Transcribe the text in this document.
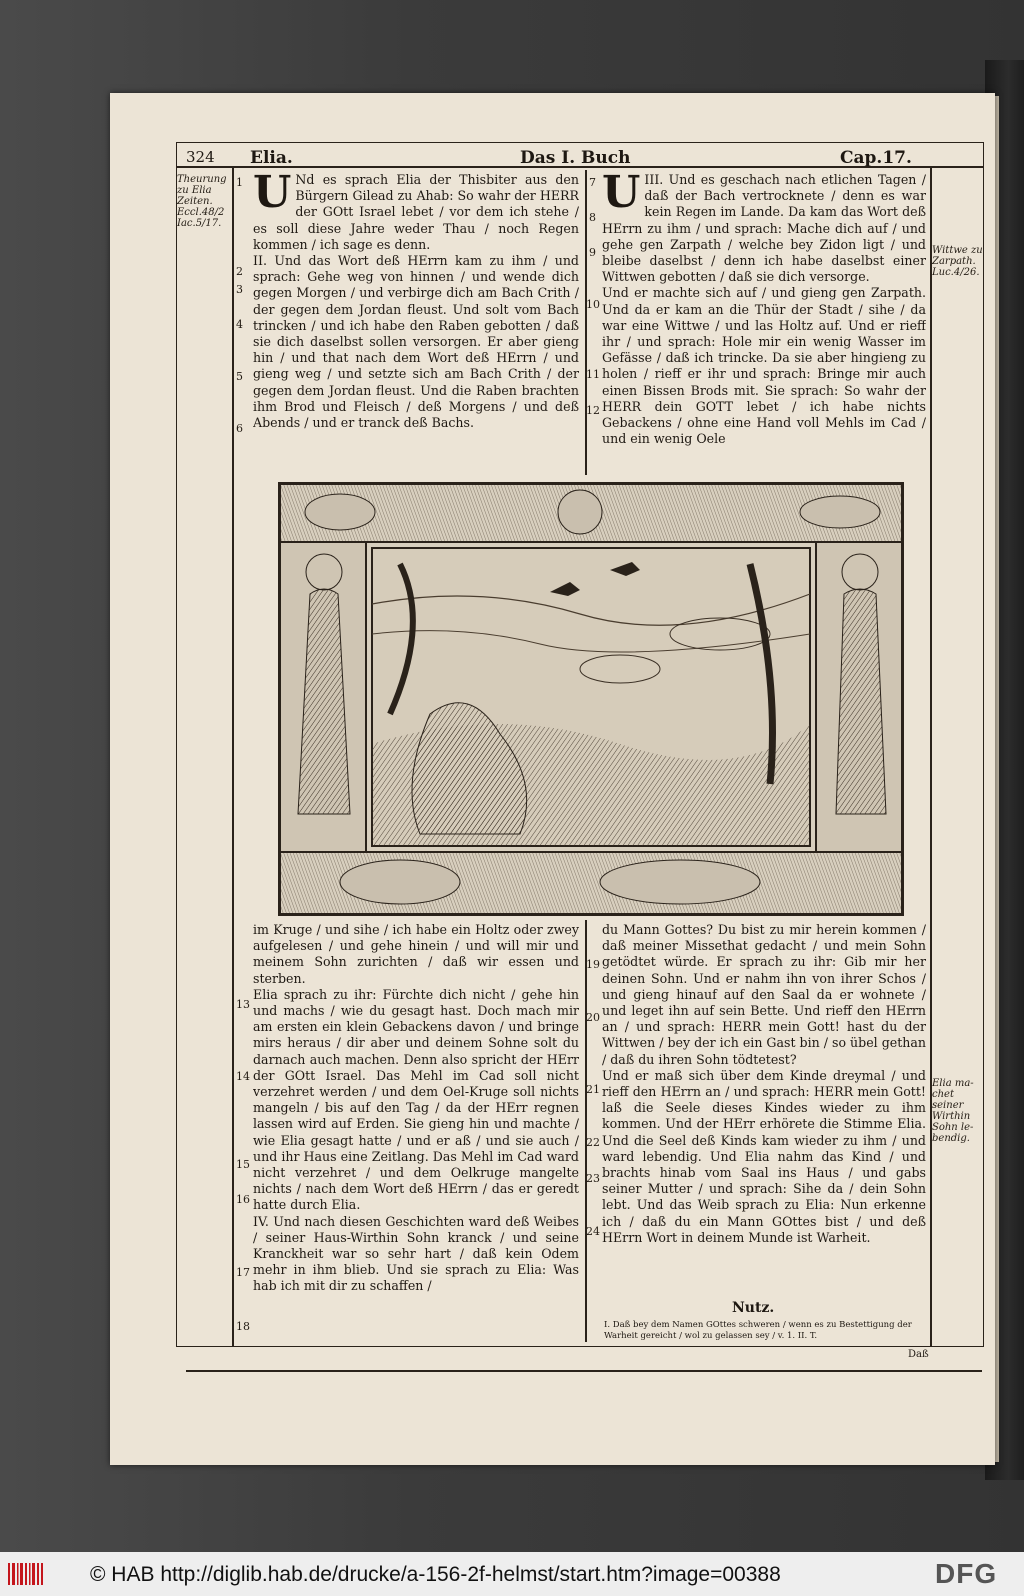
324 Elia.	Das I. Buch	Cap.17.
Theurung
zu Elia
Zeiten.
Eccl.48/2
Iac.5/17.
Wittwe zu
Zarpath.
Luc.4/26.
Elia ma-
chet seiner
Wirthin
Sohn le-
bendig.
1
2
3
4
5
6
7
8
9
10
11
12
13
14
15
16
17
18
19
20
21
22
23
24
U Nd es sprach Elia der Thisbiter aus den Bürgern Gilead zu Ahab: So wahr der HERR der GOtt Israel lebet / vor dem ich stehe / es soll diese Jahre weder Thau / noch Regen kommen / ich sage es denn.

II. Und das Wort deß HErrn kam zu ihm / und sprach: Gehe weg von hinnen / und wende dich gegen Morgen / und verbirge dich am Bach Crith / der gegen dem Jordan fleust. Und solt vom Bach trincken / und ich habe den Raben gebotten / daß sie dich daselbst sollen versorgen. Er aber gieng hin / und that nach dem Wort deß HErrn / und gieng weg / und setzte sich am Bach Crith / der gegen dem Jordan fleust. Und die Raben brachten ihm Brod und Fleisch / deß Morgens / und deß Abends / und er tranck deß Bachs.

U III. Und es geschach nach etlichen Tagen / daß der Bach vertrocknete / denn es war kein Regen im Lande. Da kam das Wort deß HErrn zu ihm / und sprach: Mache dich auf / und gehe gen Zarpath / welche bey Zidon ligt / und bleibe daselbst / denn ich habe daselbst einer Wittwen gebotten / daß sie dich versorge.

Und er machte sich auf / und gieng gen Zarpath. Und da er kam an die Thür der Stadt / sihe / da war eine Wittwe / und las Holtz auf. Und er rieff ihr / und sprach: Hole mir ein wenig Wasser im Gefässe / daß ich trincke. Da sie aber hingieng zu holen / rieff er ihr und sprach: Bringe mir auch einen Bissen Brods mit. Sie sprach: So wahr der HERR dein GOTT lebet / ich habe nichts Gebackens / ohne eine Hand voll Mehls im Cad / und ein wenig Oele

im Kruge / und sihe / ich habe ein Holtz oder zwey aufgelesen / und gehe hinein / und will mir und meinem Sohn zurichten / daß wir essen und sterben.

Elia sprach zu ihr: Fürchte dich nicht / gehe hin und machs / wie du gesagt hast. Doch mach mir am ersten ein klein Gebackens davon / und bringe mirs heraus / dir aber und deinem Sohne solt du darnach auch machen. Denn also spricht der HErr der GOtt Israel. Das Mehl im Cad soll nicht verzehret werden / und dem Oel-Kruge soll nichts mangeln / bis auf den Tag / da der HErr regnen lassen wird auf Erden. Sie gieng hin und machte / wie Elia gesagt hatte / und er aß / und sie auch / und ihr Haus eine Zeitlang. Das Mehl im Cad ward nicht verzehret / und dem Oelkruge mangelte nichts / nach dem Wort deß HErrn / das er geredt hatte durch Elia.

IV. Und nach diesen Geschichten ward deß Weibes / seiner Haus-Wirthin Sohn kranck / und seine Kranckheit war so sehr hart / daß kein Odem mehr in ihm blieb. Und sie sprach zu Elia: Was hab ich mit dir zu schaffen /

du Mann Gottes? Du bist zu mir herein kommen / daß meiner Missethat gedacht / und mein Sohn getödtet würde. Er sprach zu ihr: Gib mir her deinen Sohn. Und er nahm ihn von ihrer Schos / und gieng hinauf auf den Saal da er wohnete / und leget ihn auf sein Bette. Und rieff den HErrn an / und sprach: HERR mein Gott! hast du der Wittwen / bey der ich ein Gast bin / so übel gethan / daß du ihren Sohn tödtetest?

Und er maß sich über dem Kinde dreymal / und rieff den HErrn an / und sprach: HERR mein Gott! laß die Seele dieses Kindes wieder zu ihm kommen. Und der HErr erhörete die Stimme Elia. Und die Seel deß Kinds kam wieder zu ihm / und ward lebendig. Und Elia nahm das Kind / und brachts hinab vom Saal ins Haus / und gabs seiner Mutter / und sprach: Sihe da / dein Sohn lebt. Und das Weib sprach zu Elia: Nun erkenne ich / daß du ein Mann GOttes bist / und deß HErrn Wort in deinem Munde ist Warheit.

Nutz.
I. Daß bey dem Namen GOttes schweren / wenn es zu Bestettigung der Warheit gereicht / wol zu gelassen sey / v. 1. II. T.
Daß
© HAB http://diglib.hab.de/drucke/a-156-2f-helmst/start.htm?image=00388	DFG
